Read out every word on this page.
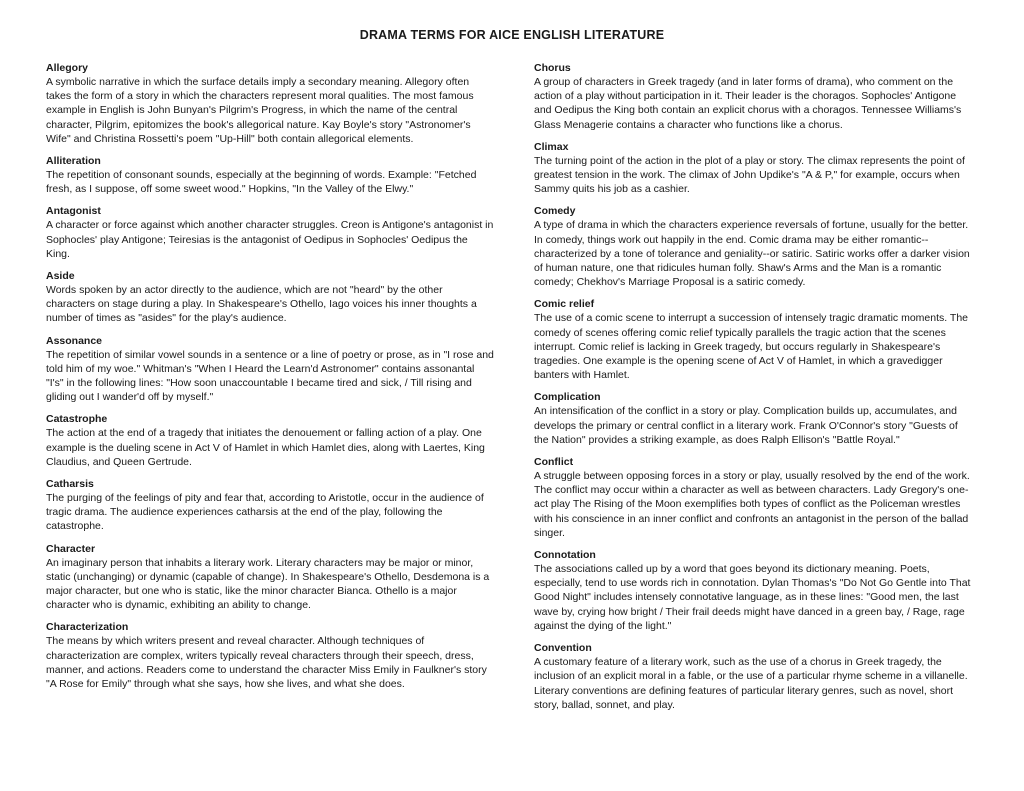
DRAMA TERMS FOR AICE ENGLISH LITERATURE
Allegory
A symbolic narrative in which the surface details imply a secondary meaning. Allegory often takes the form of a story in which the characters represent moral qualities. The most famous example in English is John Bunyan's Pilgrim's Progress, in which the name of the central character, Pilgrim, epitomizes the book's allegorical nature. Kay Boyle's story "Astronomer's Wife" and Christina Rossetti's poem "Up-Hill" both contain allegorical elements.
Alliteration
The repetition of consonant sounds, especially at the beginning of words. Example: "Fetched fresh, as I suppose, off some sweet wood." Hopkins, "In the Valley of the Elwy."
Antagonist
A character or force against which another character struggles. Creon is Antigone's antagonist in Sophocles' play Antigone; Teiresias is the antagonist of Oedipus in Sophocles' Oedipus the King.
Aside
Words spoken by an actor directly to the audience, which are not "heard" by the other characters on stage during a play. In Shakespeare's Othello, Iago voices his inner thoughts a number of times as "asides" for the play's audience.
Assonance
The repetition of similar vowel sounds in a sentence or a line of poetry or prose, as in "I rose and told him of my woe." Whitman's "When I Heard the Learn'd Astronomer" contains assonantal "I's" in the following lines: "How soon unaccountable I became tired and sick, / Till rising and gliding out I wander'd off by myself."
Catastrophe
The action at the end of a tragedy that initiates the denouement or falling action of a play. One example is the dueling scene in Act V of Hamlet in which Hamlet dies, along with Laertes, King Claudius, and Queen Gertrude.
Catharsis
The purging of the feelings of pity and fear that, according to Aristotle, occur in the audience of tragic drama. The audience experiences catharsis at the end of the play, following the catastrophe.
Character
An imaginary person that inhabits a literary work. Literary characters may be major or minor, static (unchanging) or dynamic (capable of change). In Shakespeare's Othello, Desdemona is a major character, but one who is static, like the minor character Bianca. Othello is a major character who is dynamic, exhibiting an ability to change.
Characterization
The means by which writers present and reveal character. Although techniques of characterization are complex, writers typically reveal characters through their speech, dress, manner, and actions. Readers come to understand the character Miss Emily in Faulkner's story "A Rose for Emily" through what she says, how she lives, and what she does.
Chorus
A group of characters in Greek tragedy (and in later forms of drama), who comment on the action of a play without participation in it. Their leader is the choragos. Sophocles' Antigone and Oedipus the King both contain an explicit chorus with a choragos. Tennessee Williams's Glass Menagerie contains a character who functions like a chorus.
Climax
The turning point of the action in the plot of a play or story. The climax represents the point of greatest tension in the work. The climax of John Updike's "A & P," for example, occurs when Sammy quits his job as a cashier.
Comedy
A type of drama in which the characters experience reversals of fortune, usually for the better. In comedy, things work out happily in the end. Comic drama may be either romantic--characterized by a tone of tolerance and geniality--or satiric. Satiric works offer a darker vision of human nature, one that ridicules human folly. Shaw's Arms and the Man is a romantic comedy; Chekhov's Marriage Proposal is a satiric comedy.
Comic relief
The use of a comic scene to interrupt a succession of intensely tragic dramatic moments. The comedy of scenes offering comic relief typically parallels the tragic action that the scenes interrupt. Comic relief is lacking in Greek tragedy, but occurs regularly in Shakespeare's tragedies. One example is the opening scene of Act V of Hamlet, in which a gravedigger banters with Hamlet.
Complication
An intensification of the conflict in a story or play. Complication builds up, accumulates, and develops the primary or central conflict in a literary work. Frank O'Connor's story "Guests of the Nation" provides a striking example, as does Ralph Ellison's "Battle Royal."
Conflict
A struggle between opposing forces in a story or play, usually resolved by the end of the work. The conflict may occur within a character as well as between characters. Lady Gregory's one-act play The Rising of the Moon exemplifies both types of conflict as the Policeman wrestles with his conscience in an inner conflict and confronts an antagonist in the person of the ballad singer.
Connotation
The associations called up by a word that goes beyond its dictionary meaning. Poets, especially, tend to use words rich in connotation. Dylan Thomas's "Do Not Go Gentle into That Good Night" includes intensely connotative language, as in these lines: "Good men, the last wave by, crying how bright / Their frail deeds might have danced in a green bay, / Rage, rage against the dying of the light."
Convention
A customary feature of a literary work, such as the use of a chorus in Greek tragedy, the inclusion of an explicit moral in a fable, or the use of a particular rhyme scheme in a villanelle. Literary conventions are defining features of particular literary genres, such as novel, short story, ballad, sonnet, and play.
